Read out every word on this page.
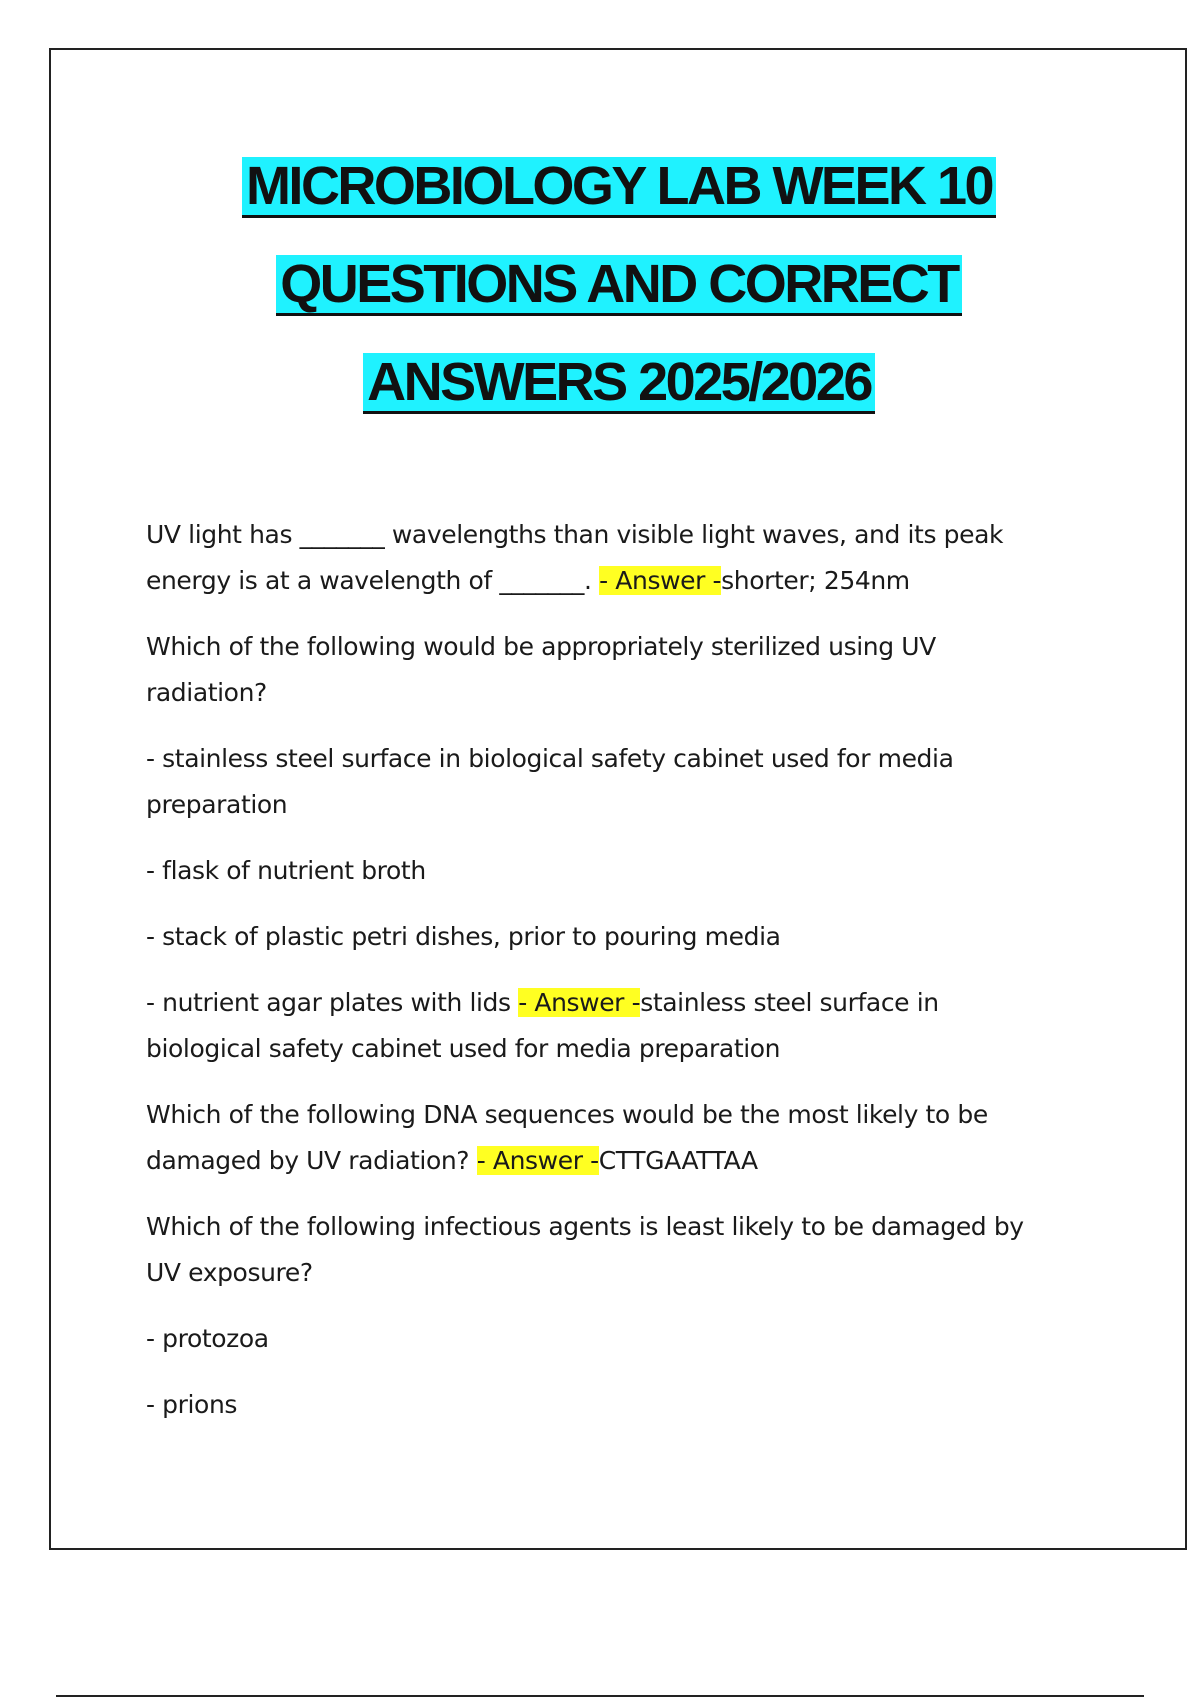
MICROBIOLOGY LAB WEEK 10
QUESTIONS AND CORRECT
ANSWERS 2025/2026

UV light has _______ wavelengths than visible light waves, and its peak
energy is at a wavelength of _______. - Answer -shorter; 254nm

Which of the following would be appropriately sterilized using UV
radiation?

- stainless steel surface in biological safety cabinet used for media
preparation

- flask of nutrient broth

- stack of plastic petri dishes, prior to pouring media

- nutrient agar plates with lids - Answer -stainless steel surface in
biological safety cabinet used for media preparation

Which of the following DNA sequences would be the most likely to be
damaged by UV radiation? - Answer -CTTGAATTAA

Which of the following infectious agents is least likely to be damaged by
UV exposure?

- protozoa

- prions
